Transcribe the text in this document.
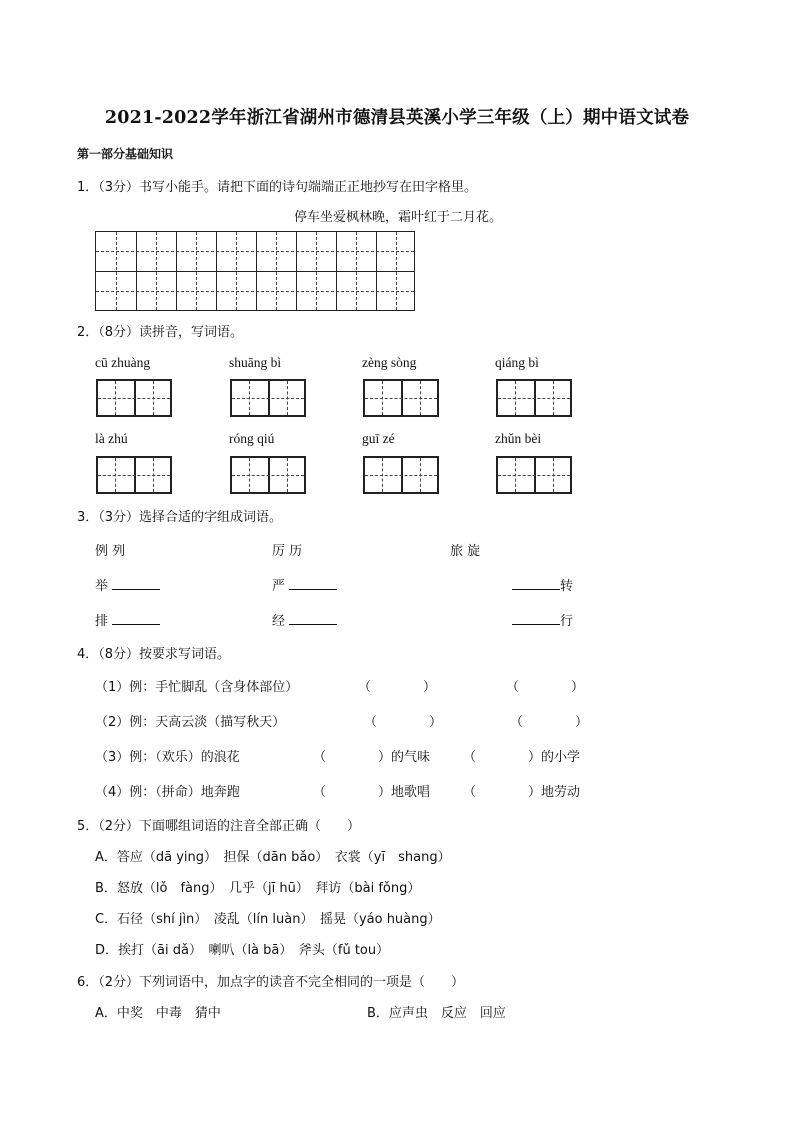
2021-2022学年浙江省湖州市德清县英溪小学三年级（上）期中语文试卷
第一部分基础知识
1．（3分）书写小能手。请把下面的诗句端端正正地抄写在田字格里。
停车坐爱枫林晚，霜叶红于二月花。
2．（8分）读拼音，写词语。
cū zhuàng	shuāng bì	zèng sòng	qiáng bì
là zhú	róng qiú	guī zé	zhǔn bèi
3．（3分）选择合适的字组成词语。
例 列	厉 历	旅 旋
举	严	转
排	经	行
4．（8分）按要求写词语。
（1）例：手忙脚乱（含身体部位）	（　　　　）	（　　　　）
（2）例：天高云淡（描写秋天）	（　　　　）	（　　　　）
（3）例：（欢乐）的浪花	（　　　　）的气味	（　　　　）的小学
（4）例：（拼命）地奔跑	（　　　　）地歌唱	（　　　　）地劳动
5．（2分）下面哪组词语的注音全部正确（　　）
A．答应（dā ying）　担保（dān bǎo）　衣裳（yī　shang）
B．怒放（lǒ　fàng）　几乎（jī hū）　拜访（bài fǒng）
C．石径（shí jìn）　凌乱（lín luàn）　摇晃（yáo huàng）
D．挨打（āi dǎ）　喇叭（là bā）　斧头（fǔ tou）
6．（2分）下列词语中，加点字的读音不完全相同的一项是（　　）
A．中奖　中毒　猜中	B．应声虫　反应　回应
